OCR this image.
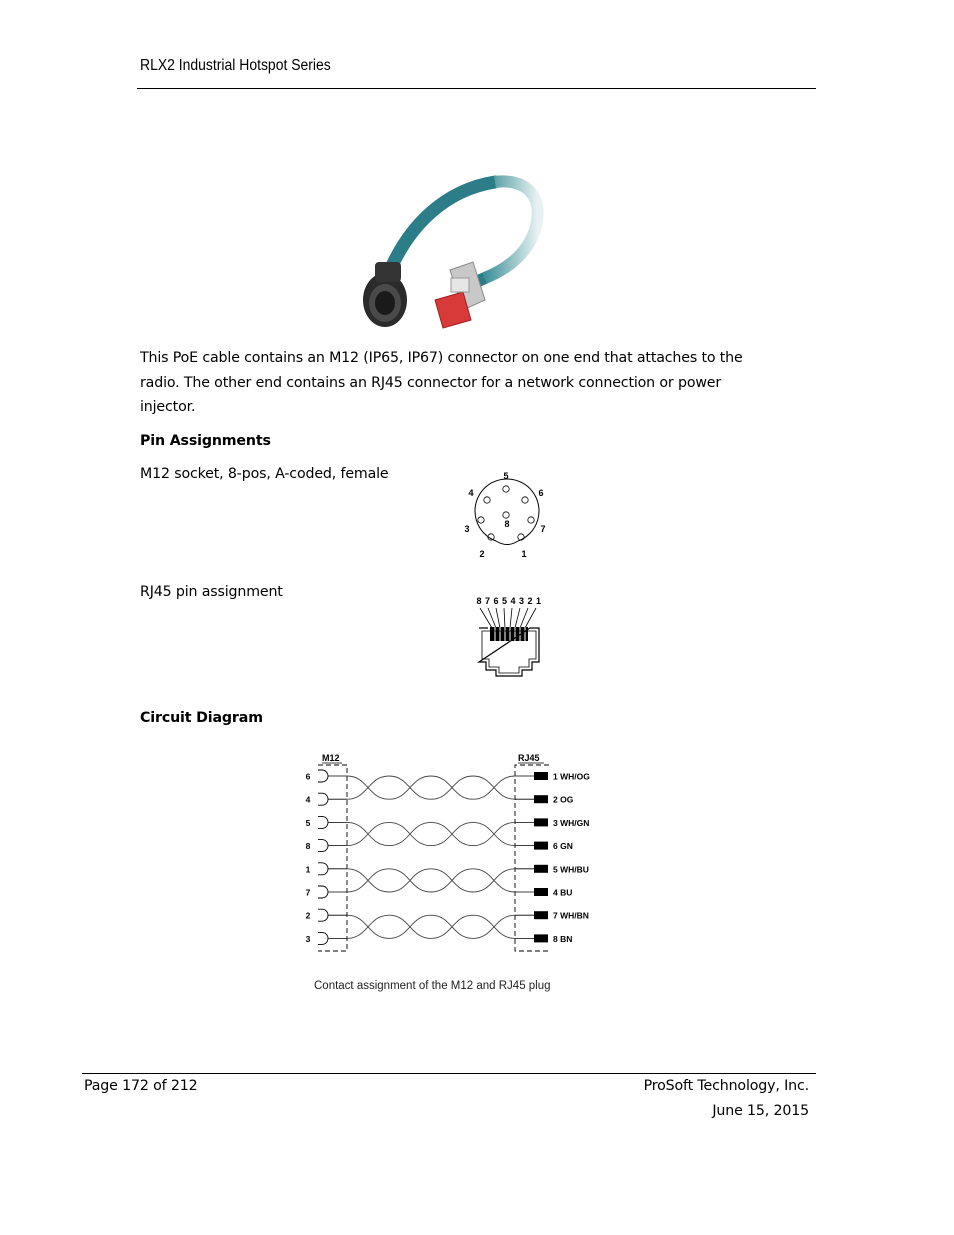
RLX2 Industrial Hotspot Series
This PoE cable contains an M12 (IP65, IP67) connector on one end that attaches to the radio. The other end contains an RJ45 connector for a network connection or power injector.
Pin Assignments
M12 socket, 8-pos, A-coded, female	5
4	6
3	7
8
2	1
RJ45 pin assignment
8 7 6 5 4 3 2 1
Circuit Diagram
M12	RJ45
6	1 WH/OG
4	2 OG
5	3 WH/GN
8	6 GN
1	5 WH/BU
7	4 BU
2	7 WH/BN
3	8 BN
Contact assignment of the M12 and RJ45 plug
Page 172 of 212	ProSoft Technology, Inc.
June 15, 2015
